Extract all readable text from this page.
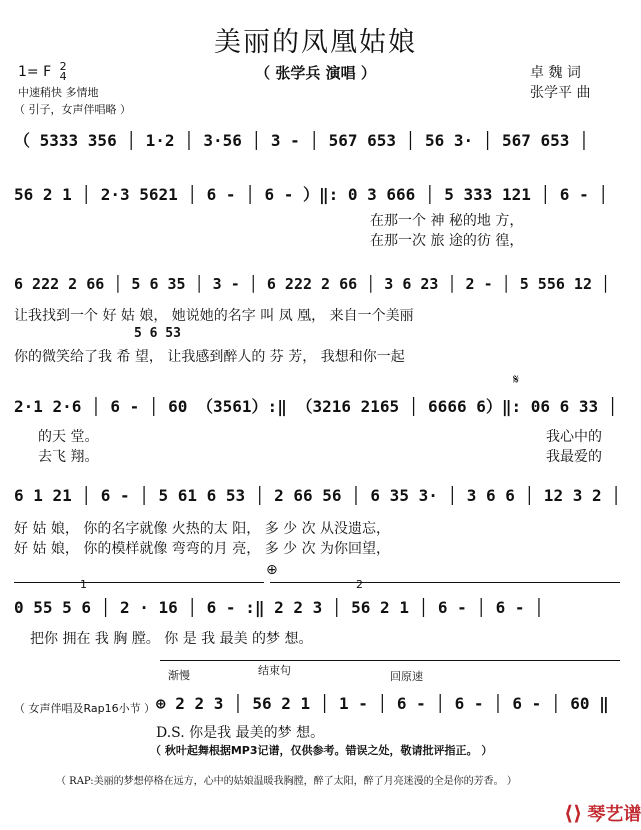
美丽的凤凰姑娘
（ 张学兵 演唱 ）
1= F 2
4
中速稍快 多情地
（ 引子，女声伴唱略 ）
卓 魏 词
张学平 曲
（ 5333 356 │ 1·2 │ 3·56 │ 3 - │ 567 653 │ 56 3· │ 567 653 │
56 2 1 │ 2·3 5621 │ 6 - │ 6 - ）‖: 0 3 666 │ 5 333 121 │ 6 - │
在那一个 神 秘的地 方，
在那一次 旅 途的彷 徨，
6 222 2 66 │ 5 6 35 │ 3 - │ 6 222 2 66 │ 3 6 23 │ 2 - │ 5 556 12 │
让我找到一个 好 姑 娘， 她说她的名字 叫 凤 凰， 来自一个美丽
5 6 53
你的微笑给了我 希 望， 让我感到醉人的 芬 芳， 我想和你一起
𝄋
2·1 2·6 │ 6 - │ 60 （3561）:‖ （3216 2165 │ 6666 6）‖: 06 6 33 │
的天 堂。
去飞 翔。
我心中的
我最爱的
6 1 21 │ 6 - │ 5 61 6 53 │ 2 66 56 │ 6 35 3· │ 3 6 6 │ 12 3 2 │
好 姑 娘， 你的名字就像 火热的太 阳， 多 少 次 从没遗忘，
好 姑 娘， 你的模样就像 弯弯的月 亮， 多 少 次 为你回望，
1	2
⊕
0 55 5 6 │ 2 · 16 │ 6 - :‖ 2 2 3 │ 56 2 1 │ 6 - │ 6 - │
把你 拥在 我 胸 膛。 你 是 我 最美 的梦 想。
渐慢	结束句	回原速
（ 女声伴唱及Rap16小节 ） ⊕ 2 2 3 │ 56 2 1 │ 1 - │ 6 - │ 6 - │ 6 - │ 60 ‖
D.S. 你是我 最美的梦 想。
（ 秋叶起舞根据MP3记谱，仅供参考。错误之处，敬请批评指正。 ）
（ RAP:美丽的梦想停格在远方，心中的姑娘温暖我胸膛，醉了太阳，醉了月亮迷漫的全是你的芳香。 ）
⟨⟩ 琴艺谱
